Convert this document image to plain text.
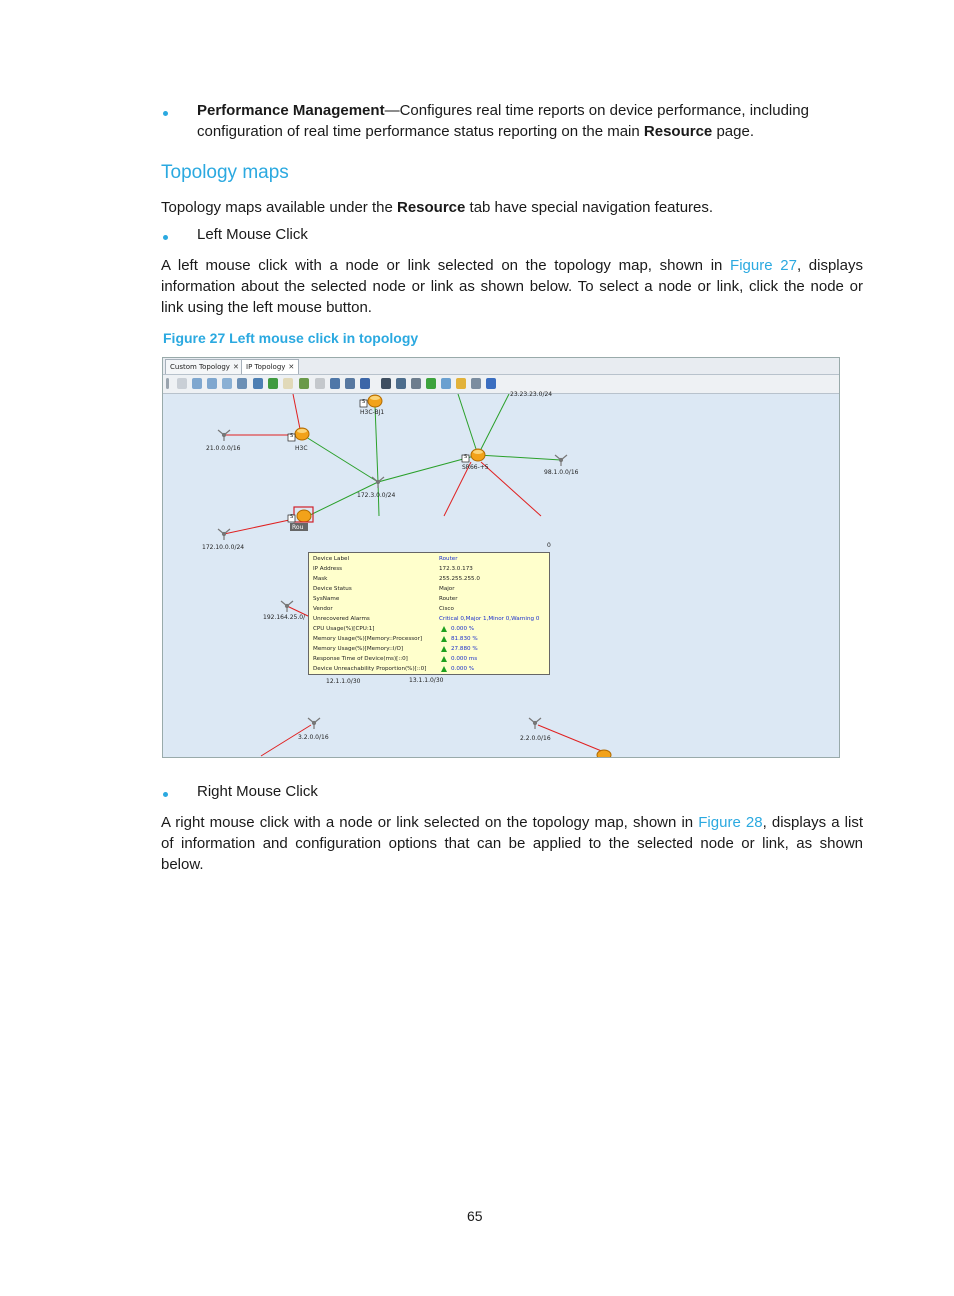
Performance Management—Configures real time reports on device performance, including
configuration of real time performance status reporting on the main Resource page.
Topology maps
Topology maps available under the Resource tab have special navigation features.
Left Mouse Click
A left mouse click with a node or link selected on the topology map, shown in Figure 27, displays
information about the selected node or link as shown below. To select a node or link, click the node or
link using the left mouse button.
Figure 27 Left mouse click in topology
Custom Topology ✕	IP Topology ✕
S
S
S
S
21.0.0.0/16	H3C
H3C-BJ1
23.23.23.0/24
SR66-+5
98.1.0.0/16
172.3.0.0/24
172.10.0.0/24
192.164.25.0/
12.1.1.0/30	13.1.1.0/30
3.2.0.0/16	2.2.0.0/16
Rou
0
Device Label	Router
IP Address	172.3.0.173
Mask	255.255.255.0
Device Status	Major
SysName	Router
Vendor	Cisco
Unrecovered Alarms	Critical 0,Major 1,Minor 0,Warning 0
CPU Usage(%)[CPU:1]	0.000 %
Memory Usage(%)[Memory::Processor]	81.830 %
Memory Usage(%)[Memory::I/O]	27.880 %
Response Time of Device(ms)[::0]	0.000 ms
Device Unreachability Proportion(%)[::0]	0.000 %
Right Mouse Click
A right mouse click with a node or link selected on the topology map, shown in Figure 28, displays a list
of information and configuration options that can be applied to the selected node or link, as shown
below.
65
